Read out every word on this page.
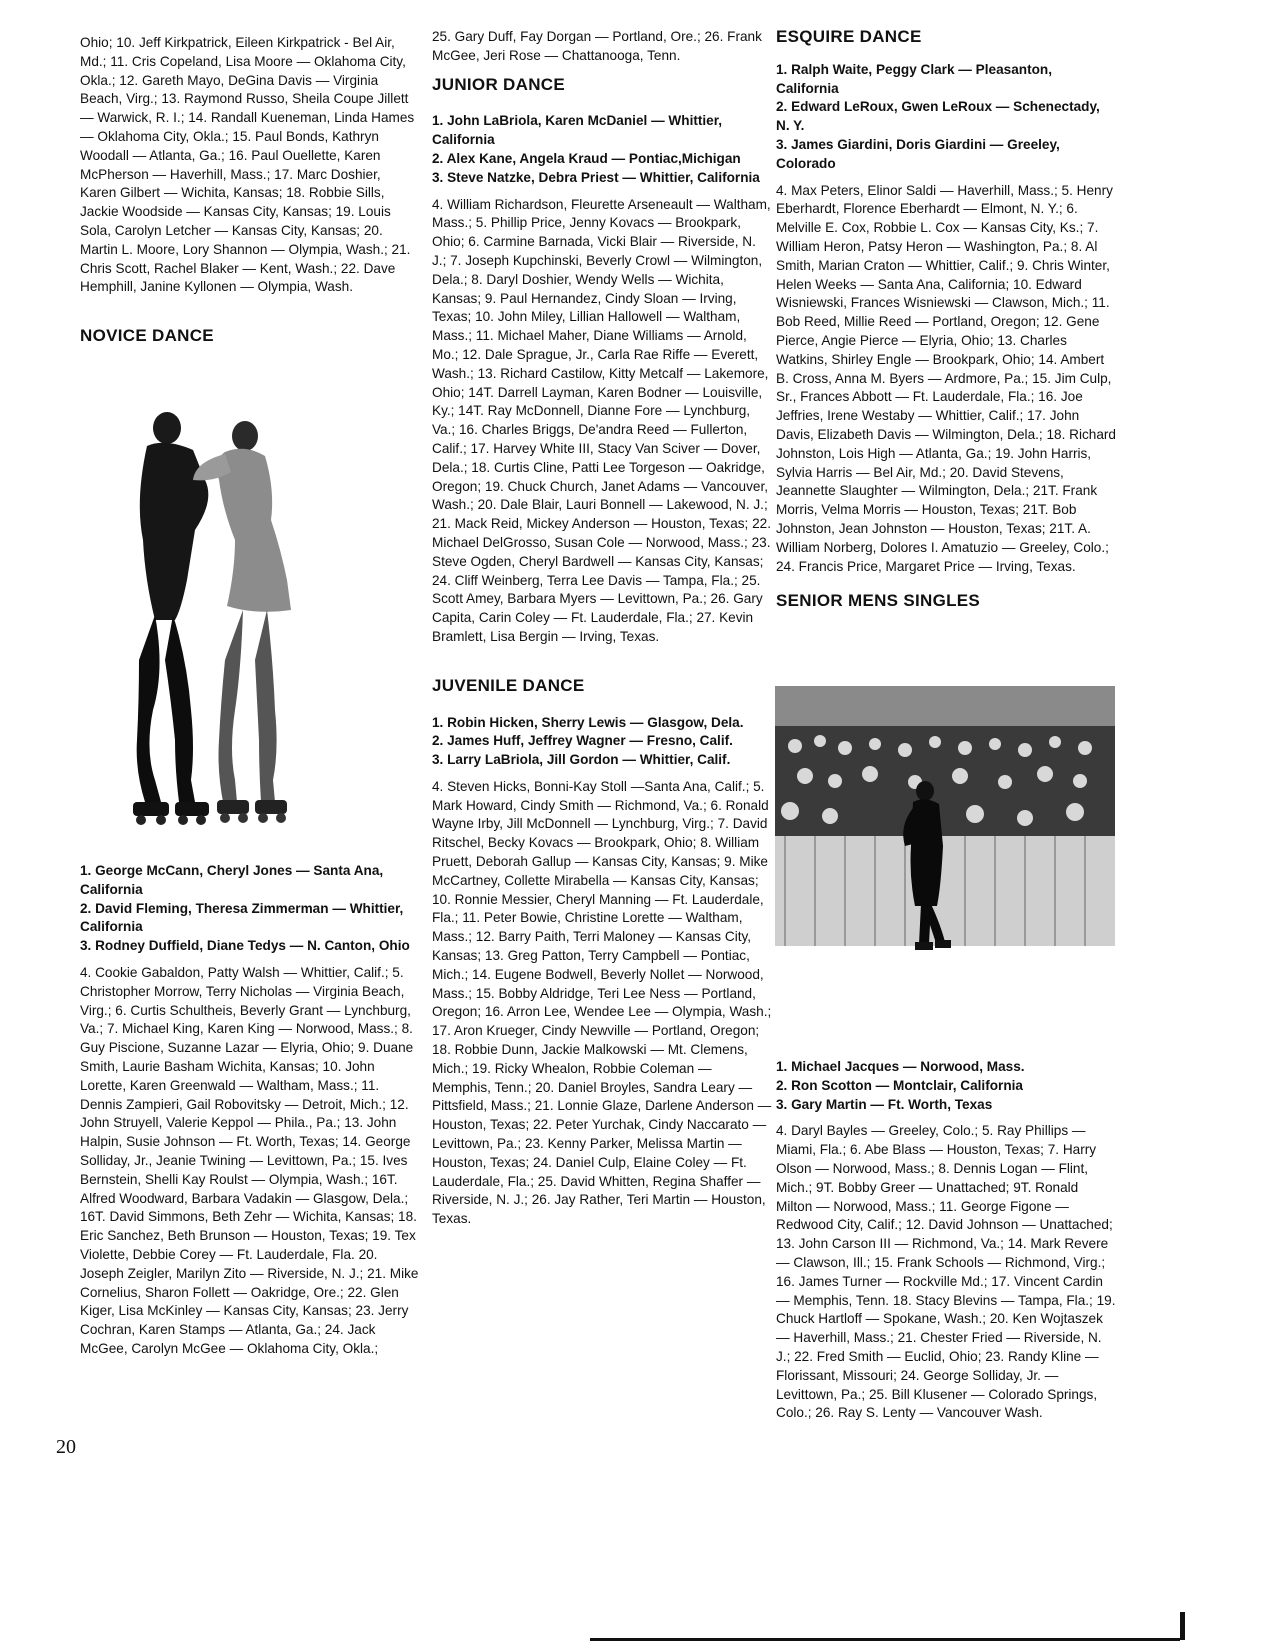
Ohio; 10. Jeff Kirkpatrick, Eileen Kirkpatrick - Bel Air, Md.; 11. Cris Copeland, Lisa Moore — Oklahoma City, Okla.; 12. Gareth Mayo, DeGina Davis — Virginia Beach, Virg.; 13. Raymond Russo, Sheila Coupe Jillett — Warwick, R. I.; 14. Randall Kueneman, Linda Hames — Oklahoma City, Okla.; 15. Paul Bonds, Kathryn Woodall — Atlanta, Ga.; 16. Paul Ouellette, Karen McPherson — Haverhill, Mass.; 17. Marc Doshier, Karen Gilbert — Wichita, Kansas; 18. Robbie Sills, Jackie Woodside — Kansas City, Kansas; 19. Louis Sola, Carolyn Letcher — Kansas City, Kansas; 20. Martin L. Moore, Lory Shannon — Olympia, Wash.; 21. Chris Scott, Rachel Blaker — Kent, Wash.; 22. Dave Hemphill, Janine Kyllonen — Olympia, Wash.

NOVICE DANCE
1. George McCann, Cheryl Jones — Santa Ana, California
2. David Fleming, Theresa Zimmerman — Whittier, California
3. Rodney Duffield, Diane Tedys — N. Canton, Ohio

4. Cookie Gabaldon, Patty Walsh — Whittier, Calif.; 5. Christopher Morrow, Terry Nicholas — Virginia Beach, Virg.; 6. Curtis Schultheis, Beverly Grant — Lynchburg, Va.; 7. Michael King, Karen King — Norwood, Mass.; 8. Guy Piscione, Suzanne Lazar — Elyria, Ohio; 9. Duane Smith, Laurie Basham Wichita, Kansas; 10. John Lorette, Karen Greenwald — Waltham, Mass.; 11. Dennis Zampieri, Gail Robovitsky — Detroit, Mich.; 12. John Struyell, Valerie Keppol — Phila., Pa.; 13. John Halpin, Susie Johnson — Ft. Worth, Texas; 14. George Solliday, Jr., Jeanie Twining — Levittown, Pa.; 15. Ives Bernstein, Shelli Kay Roulst — Olympia, Wash.; 16T. Alfred Woodward, Barbara Vadakin — Glasgow, Dela.; 16T. David Simmons, Beth Zehr — Wichita, Kansas; 18. Eric Sanchez, Beth Brunson — Houston, Texas; 19. Tex Violette, Debbie Corey — Ft. Lauderdale, Fla. 20. Joseph Zeigler, Marilyn Zito — Riverside, N. J.; 21. Mike Cornelius, Sharon Follett — Oakridge, Ore.; 22. Glen Kiger, Lisa McKinley — Kansas City, Kansas; 23. Jerry Cochran, Karen Stamps — Atlanta, Ga.; 24. Jack McGee, Carolyn McGee — Oklahoma City, Okla.;

25. Gary Duff, Fay Dorgan — Portland, Ore.; 26. Frank McGee, Jeri Rose — Chattanooga, Tenn.

JUNIOR DANCE
1. John LaBriola, Karen McDaniel — Whittier, California
2. Alex Kane, Angela Kraud — Pontiac,Michigan
3. Steve Natzke, Debra Priest — Whittier, California

4. William Richardson, Fleurette Arseneault — Waltham, Mass.; 5. Phillip Price, Jenny Kovacs — Brookpark, Ohio; 6. Carmine Barnada, Vicki Blair — Riverside, N. J.; 7. Joseph Kupchinski, Beverly Crowl — Wilmington, Dela.; 8. Daryl Doshier, Wendy Wells — Wichita, Kansas; 9. Paul Hernandez, Cindy Sloan — Irving, Texas; 10. John Miley, Lillian Hallowell — Waltham, Mass.; 11. Michael Maher, Diane Williams — Arnold, Mo.; 12. Dale Sprague, Jr., Carla Rae Riffe — Everett, Wash.; 13. Richard Castilow, Kitty Metcalf — Lakemore, Ohio; 14T. Darrell Layman, Karen Bodner — Louisville, Ky.; 14T. Ray McDonnell, Dianne Fore — Lynchburg, Va.; 16. Charles Briggs, De'andra Reed — Fullerton, Calif.; 17. Harvey White III, Stacy Van Sciver — Dover, Dela.; 18. Curtis Cline, Patti Lee Torgeson — Oakridge, Oregon; 19. Chuck Church, Janet Adams — Vancouver, Wash.; 20. Dale Blair, Lauri Bonnell — Lakewood, N. J.; 21. Mack Reid, Mickey Anderson — Houston, Texas; 22. Michael DelGrosso, Susan Cole — Norwood, Mass.; 23. Steve Ogden, Cheryl Bardwell — Kansas City, Kansas; 24. Cliff Weinberg, Terra Lee Davis — Tampa, Fla.; 25. Scott Amey, Barbara Myers — Levittown, Pa.; 26. Gary Capita, Carin Coley — Ft. Lauderdale, Fla.; 27. Kevin Bramlett, Lisa Bergin — Irving, Texas.

JUVENILE DANCE
1. Robin Hicken, Sherry Lewis — Glasgow, Dela.
2. James Huff, Jeffrey Wagner — Fresno, Calif.
3. Larry LaBriola, Jill Gordon — Whittier, Calif.

4. Steven Hicks, Bonni-Kay Stoll —Santa Ana, Calif.; 5. Mark Howard, Cindy Smith — Richmond, Va.; 6. Ronald Wayne Irby, Jill McDonnell — Lynchburg, Virg.; 7. David Ritschel, Becky Kovacs — Brookpark, Ohio; 8. William Pruett, Deborah Gallup — Kansas City, Kansas; 9. Mike McCartney, Collette Mirabella — Kansas City, Kansas; 10. Ronnie Messier, Cheryl Manning — Ft. Lauderdale, Fla.; 11. Peter Bowie, Christine Lorette — Waltham, Mass.; 12. Barry Paith, Terri Maloney — Kansas City, Kansas; 13. Greg Patton, Terry Campbell — Pontiac, Mich.; 14. Eugene Bodwell, Beverly Nollet — Norwood, Mass.; 15. Bobby Aldridge, Teri Lee Ness — Portland, Oregon; 16. Arron Lee, Wendee Lee — Olympia, Wash.; 17. Aron Krueger, Cindy Newville — Portland, Oregon; 18. Robbie Dunn, Jackie Malkowski — Mt. Clemens, Mich.; 19. Ricky Whealon, Robbie Coleman — Memphis, Tenn.; 20. Daniel Broyles, Sandra Leary — Pittsfield, Mass.; 21. Lonnie Glaze, Darlene Anderson — Houston, Texas; 22. Peter Yurchak, Cindy Naccarato — Levittown, Pa.; 23. Kenny Parker, Melissa Martin — Houston, Texas; 24. Daniel Culp, Elaine Coley — Ft. Lauderdale, Fla.; 25. David Whitten, Regina Shaffer — Riverside, N. J.; 26. Jay Rather, Teri Martin — Houston, Texas.

ESQUIRE DANCE
1. Ralph Waite, Peggy Clark — Pleasanton, California
2. Edward LeRoux, Gwen LeRoux — Schenectady, N. Y.
3. James Giardini, Doris Giardini — Greeley, Colorado

4. Max Peters, Elinor Saldi — Haverhill, Mass.; 5. Henry Eberhardt, Florence Eberhardt — Elmont, N. Y.; 6. Melville E. Cox, Robbie L. Cox — Kansas City, Ks.; 7. William Heron, Patsy Heron — Washington, Pa.; 8. Al Smith, Marian Craton — Whittier, Calif.; 9. Chris Winter, Helen Weeks — Santa Ana, California; 10. Edward Wisniewski, Frances Wisniewski — Clawson, Mich.; 11. Bob Reed, Millie Reed — Portland, Oregon; 12. Gene Pierce, Angie Pierce — Elyria, Ohio; 13. Charles Watkins, Shirley Engle — Brookpark, Ohio; 14. Ambert B. Cross, Anna M. Byers — Ardmore, Pa.; 15. Jim Culp, Sr., Frances Abbott — Ft. Lauderdale, Fla.; 16. Joe Jeffries, Irene Westaby — Whittier, Calif.; 17. John Davis, Elizabeth Davis — Wilmington, Dela.; 18. Richard Johnston, Lois High — Atlanta, Ga.; 19. John Harris, Sylvia Harris — Bel Air, Md.; 20. David Stevens, Jeannette Slaughter — Wilmington, Dela.; 21T. Frank Morris, Velma Morris — Houston, Texas; 21T. Bob Johnston, Jean Johnston — Houston, Texas; 21T. A. William Norberg, Dolores I. Amatuzio — Greeley, Colo.; 24. Francis Price, Margaret Price — Irving, Texas.

SENIOR MENS SINGLES
1. Michael Jacques — Norwood, Mass.
2. Ron Scotton — Montclair, California
3. Gary Martin — Ft. Worth, Texas

4. Daryl Bayles — Greeley, Colo.; 5. Ray Phillips — Miami, Fla.; 6. Abe Blass — Houston, Texas; 7. Harry Olson — Norwood, Mass.; 8. Dennis Logan — Flint, Mich.; 9T. Bobby Greer — Unattached; 9T. Ronald Milton — Norwood, Mass.; 11. George Figone — Redwood City, Calif.; 12. David Johnson — Unattached; 13. John Carson III — Richmond, Va.; 14. Mark Revere — Clawson, Ill.; 15. Frank Schools — Richmond, Virg.; 16. James Turner — Rockville Md.; 17. Vincent Cardin — Memphis, Tenn. 18. Stacy Blevins — Tampa, Fla.; 19. Chuck Hartloff — Spokane, Wash.; 20. Ken Wojtaszek — Haverhill, Mass.; 21. Chester Fried — Riverside, N. J.; 22. Fred Smith — Euclid, Ohio; 23. Randy Kline — Florissant, Missouri; 24. George Solliday, Jr. — Levittown, Pa.; 25. Bill Klusener — Colorado Springs, Colo.; 26. Ray S. Lenty — Vancouver Wash.

20
